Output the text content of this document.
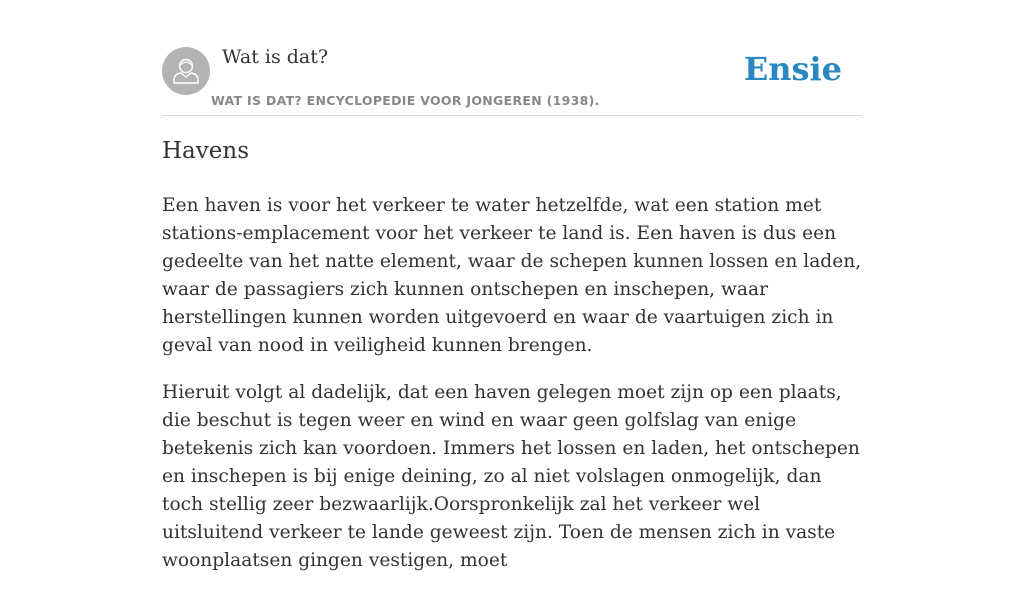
Wat is dat?
WAT IS DAT? ENCYCLOPEDIE VOOR JONGEREN (1938).
Ensie
Havens

Een haven is voor het verkeer te water hetzelfde, wat een station met stations-emplacement voor het verkeer te land is. Een haven is dus een gedeelte van het natte element, waar de schepen kunnen lossen en laden, waar de passagiers zich kunnen ontschepen en inschepen, waar herstellingen kunnen worden uitgevoerd en waar de vaartuigen zich in geval van nood in veiligheid kunnen brengen.

Hieruit volgt al dadelijk, dat een haven gelegen moet zijn op een plaats, die beschut is tegen weer en wind en waar geen golfslag van enige betekenis zich kan voordoen. Immers het lossen en laden, het ontschepen en inschepen is bij enige deining, zo al niet volslagen onmogelijk, dan toch stellig zeer bezwaarlijk.Oorspronkelijk zal het verkeer wel uitsluitend verkeer te lande geweest zijn. Toen de mensen zich in vaste woonplaatsen gingen vestigen, moet
